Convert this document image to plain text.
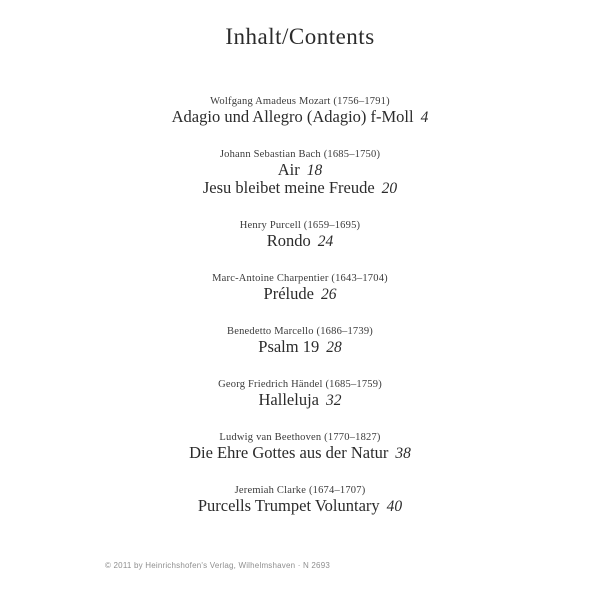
Inhalt/Contents
Wolfgang Amadeus Mozart (1756–1791)
Adagio und Allegro (Adagio) f-Moll 4
Johann Sebastian Bach (1685–1750)
Air 18
Jesu bleibet meine Freude 20
Henry Purcell (1659–1695)
Rondo 24
Marc-Antoine Charpentier (1643–1704)
Prélude 26
Benedetto Marcello (1686–1739)
Psalm 19 28
Georg Friedrich Händel (1685–1759)
Halleluja 32
Ludwig van Beethoven (1770–1827)
Die Ehre Gottes aus der Natur 38
Jeremiah Clarke (1674–1707)
Purcells Trumpet Voluntary 40
© 2011 by Heinrichshofen's Verlag, Wilhelmshaven · N 2693
